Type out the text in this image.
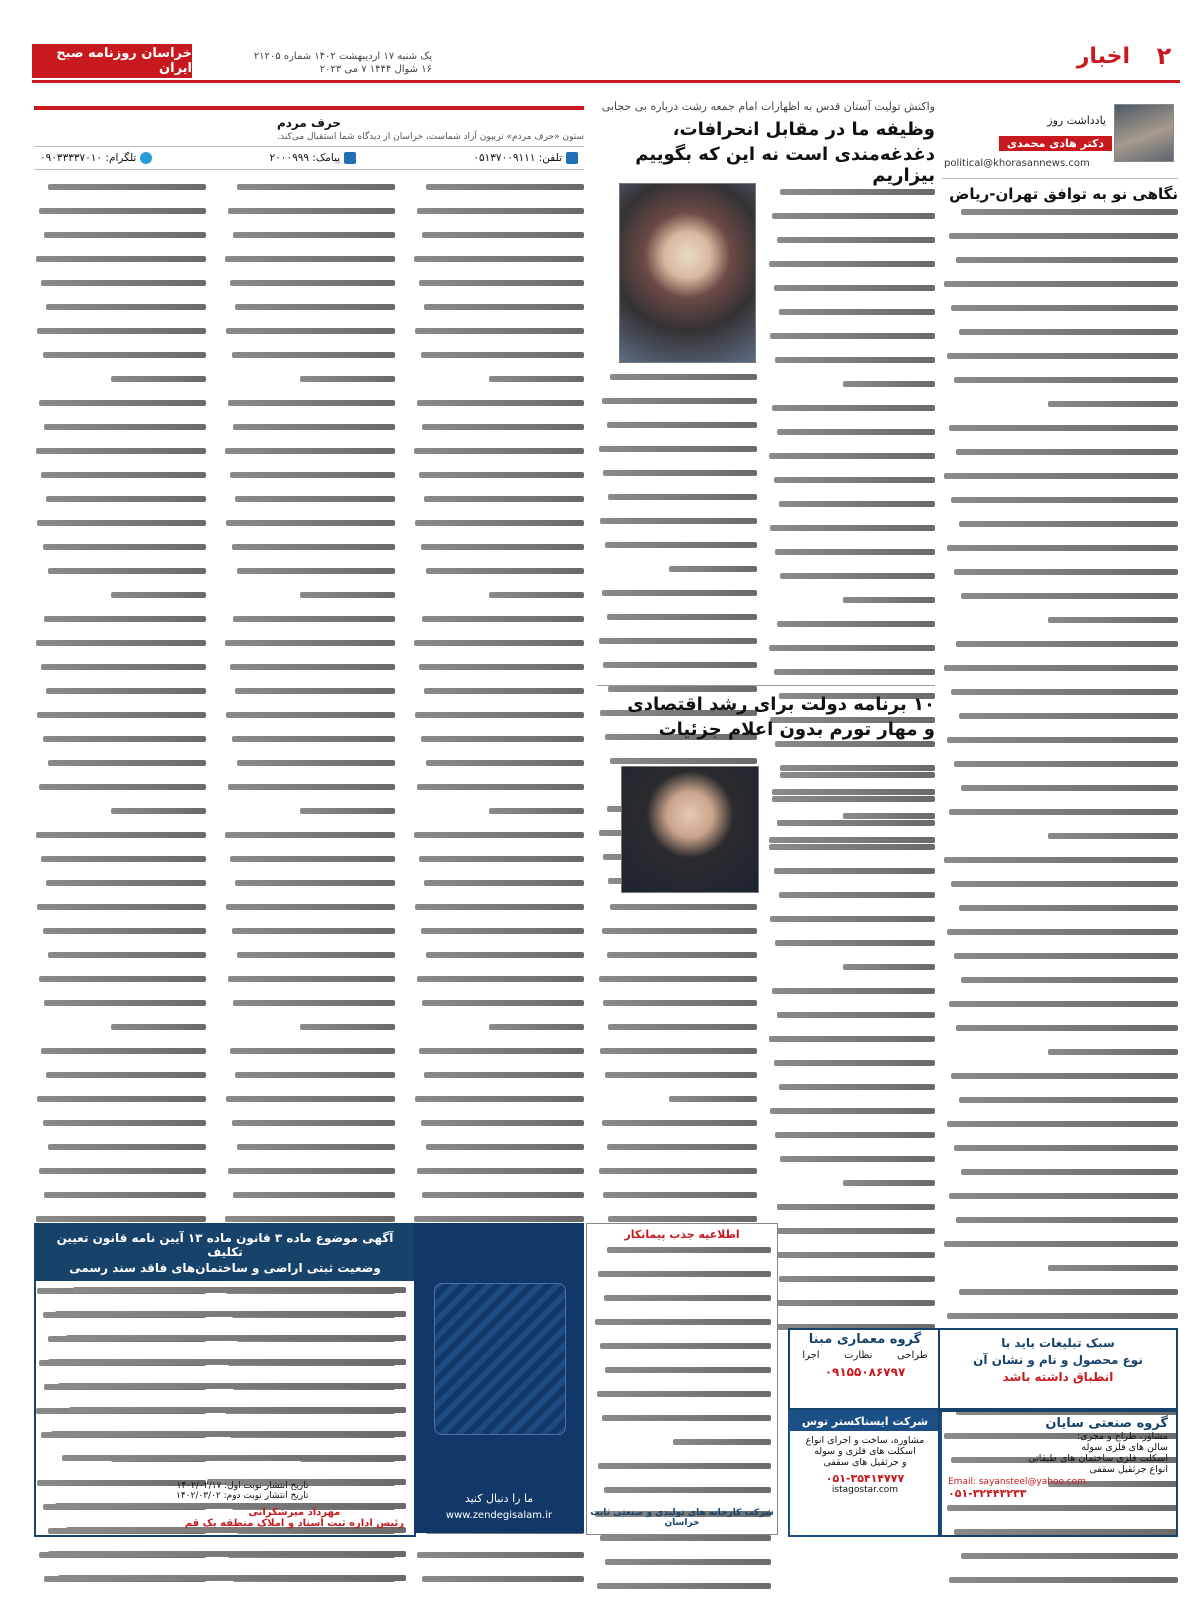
خراسان روزنامه صبح ایران
یک شنبه ۱۷ اردیبهشت ۱۴۰۲ شماره ۲۱۲۰۵
۱۶ شوال ۱۴۴۴ ۷ می ۲۰۲۳
اخبار	۲
یادداشت روز
دکتر هادی محمدی
political@khorasannews.com
نگاهی نو به توافق تهران-ریاض
واکنش تولیت آستان قدس به اظهارات امام جمعه رشت درباره بی حجابی
وظیفه ما در مقابل انحرافات،
دغدغه‌مندی است نه این که بگوییم بیزاریم
۱۰ برنامه دولت برای رشد اقتصادی
و مهار تورم بدون اعلام جزئیات
حرف مردم
ستون «حرف مردم» تریبون آزاد شماست، خراسان از دیدگاه شما استقبال می‌کند.
تلفن: ۰۵۱۳۷۰۰۹۱۱۱
پیامک: ۲۰۰۰۹۹۹
تلگرام: ۰۹۰۳۳۳۳۷۰۱۰
آگهی موضوع ماده ۳ قانون ماده ۱۳ آیین نامه قانون تعیین تکلیف
وضعیت ثبتی اراضی و ساختمان‌های فاقد سند رسمی
تاریخ انتشار نوبت اول: ۱۴۰۲/۰۲/۱۷
تاریخ انتشار نوبت دوم: ۱۴۰۲/۰۳/۰۲
مهرداد میرشکرانی
رئیس اداره ثبت اسناد و املاک منطقه یک قم
ما را دنبال کنید
www.zendegisalam.ir
اطلاعیه جذب پیمانکار
شرکت کارخانه های تولیدی و صنعتی ثابت خراسان
گروه معماری مبنا
طراحی
نظارت
اجرا
۰۹۱۵۵۰۸۶۷۹۷
شرکت ایستاکستر توس
مشاوره، ساخت و اجرای انواع
اسکلت های فلزی و سوله
و جرثقیل های سقفی
۰۵۱-۳۵۴۱۴۷۷۷
istagostar.com
سبک تبلیغات باید با
نوع محصول و نام و نشان آن
انطباق داشته باشد
گروه صنعتی سایان
مشاور، طراح و مجری:
سالن های فلزی سوله
اسکلت فلزی ساختمان های طبقاتی
انواع جرثقیل سقفی
Email: sayansteel@yahoo.com
۰۵۱-۳۲۴۴۳۲۳۳
